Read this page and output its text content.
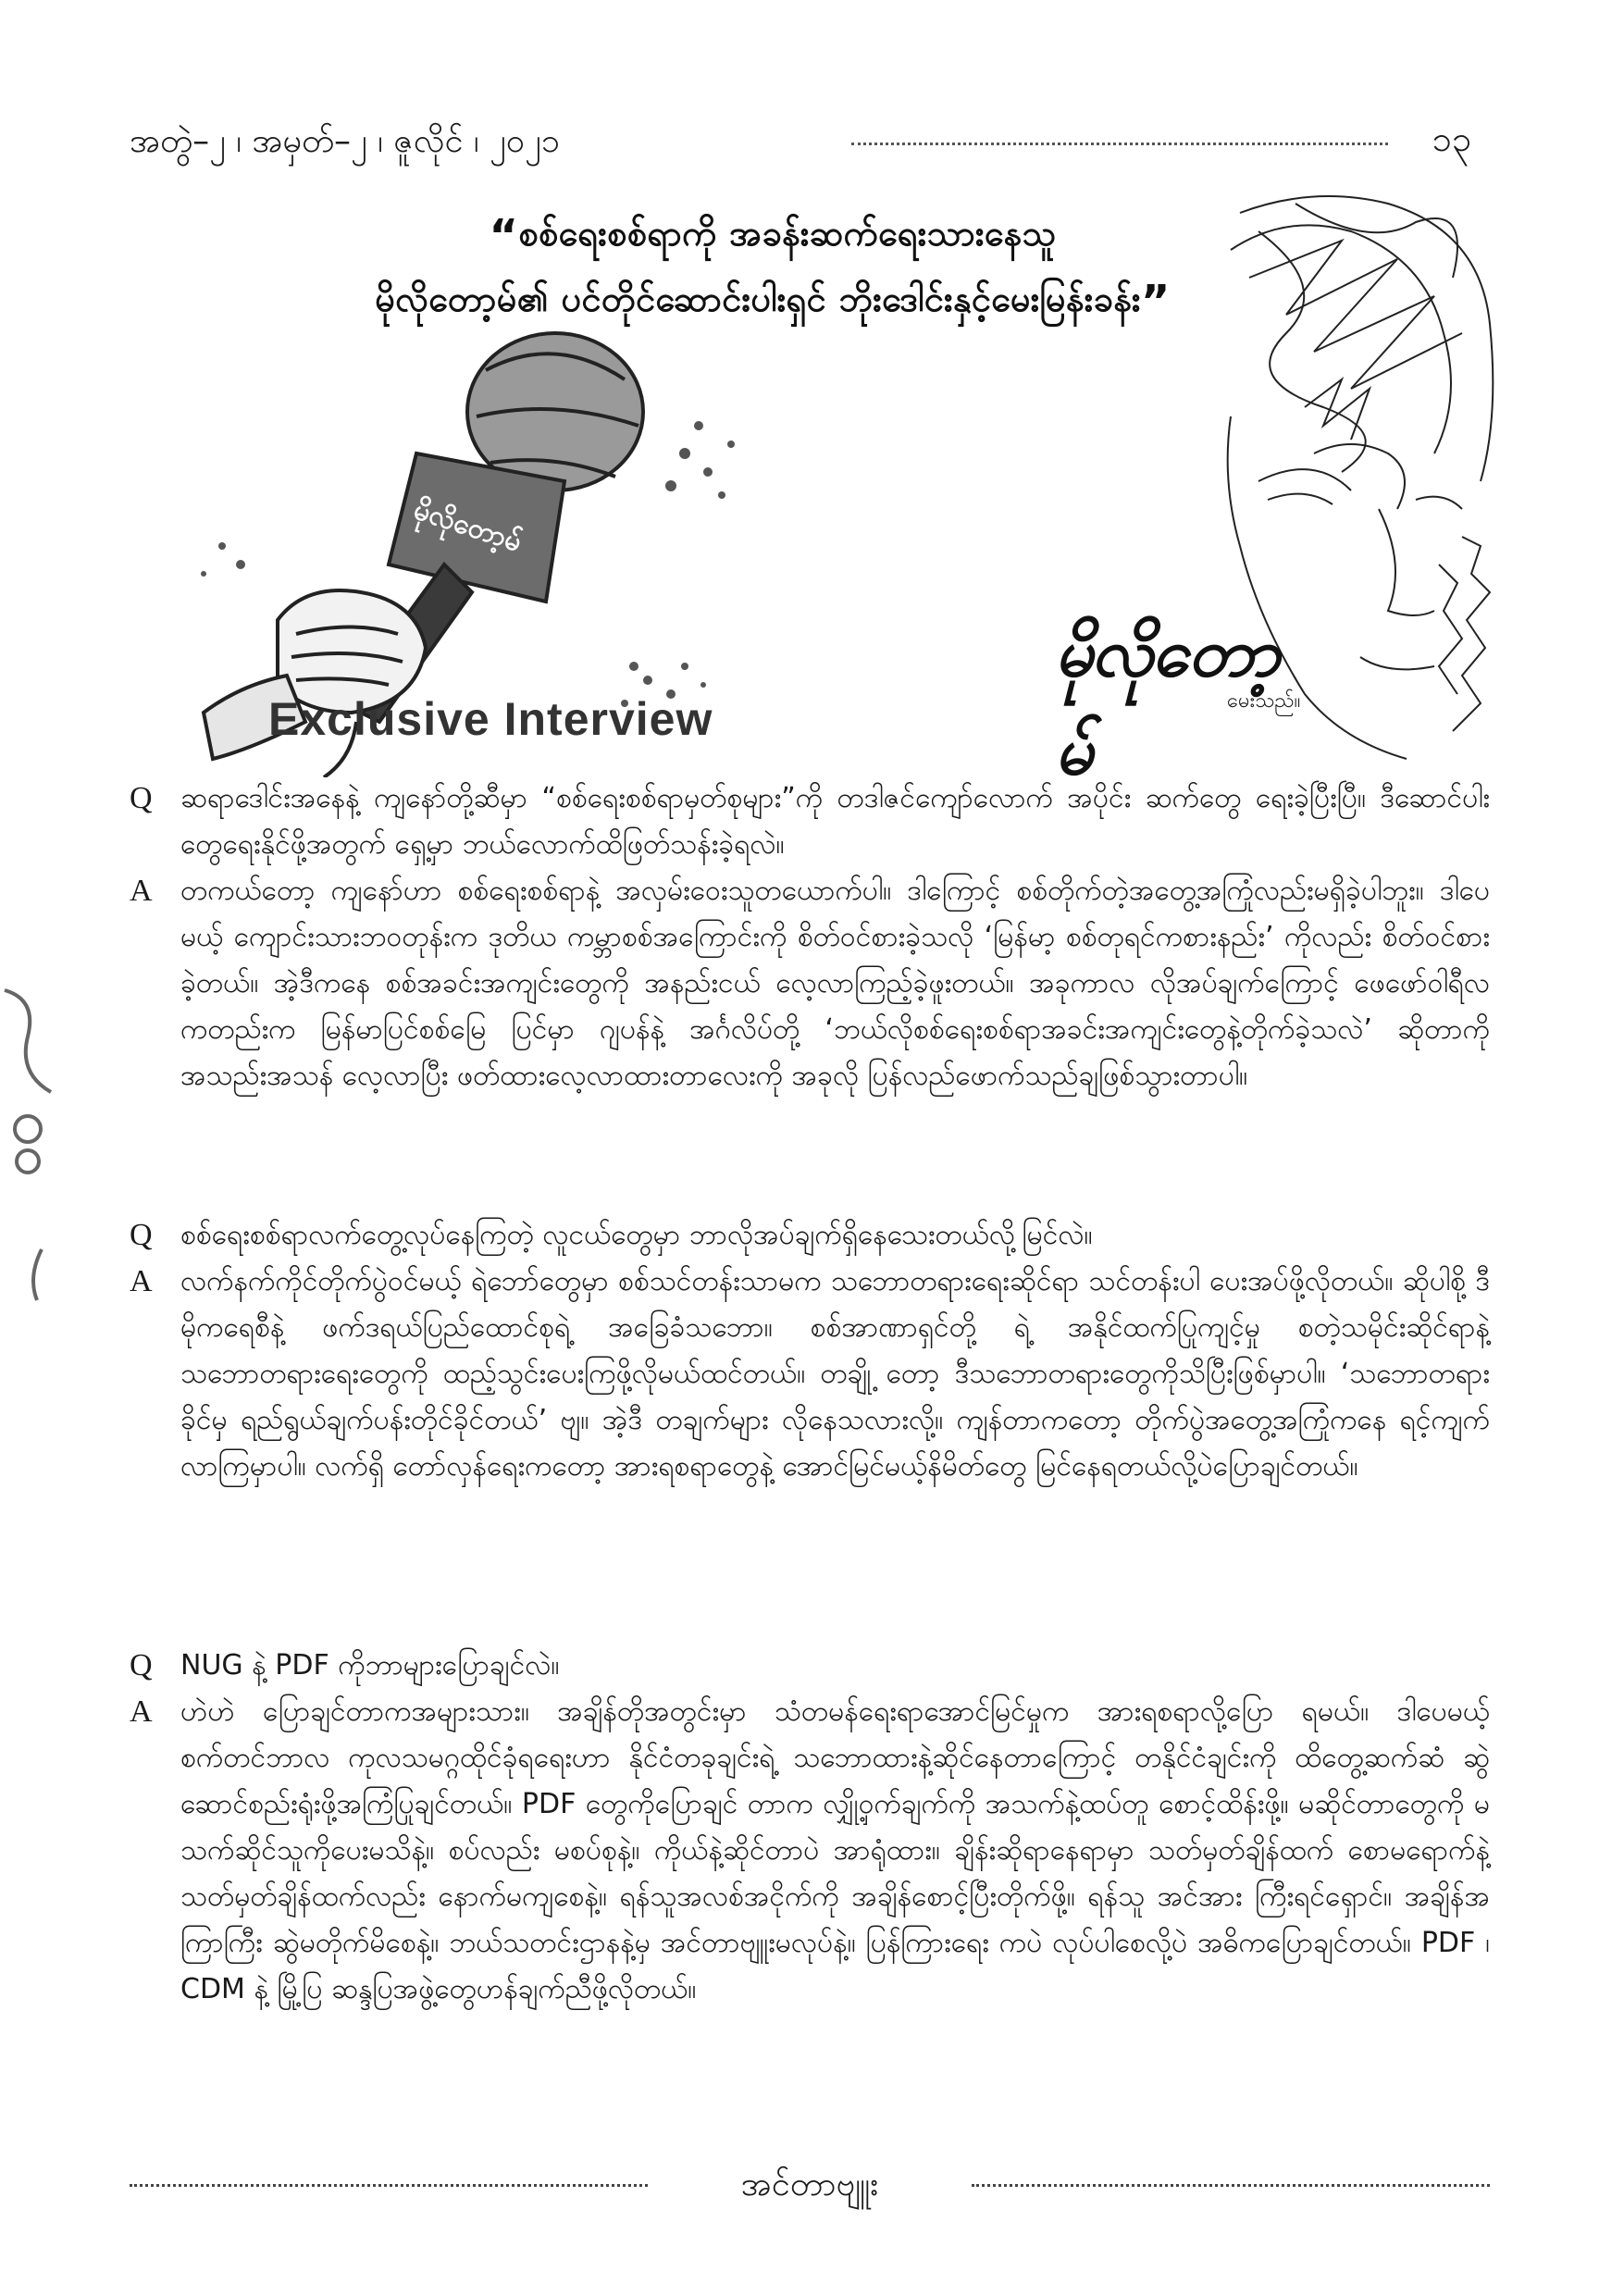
အတွဲ–၂ ၊ အမှတ်–၂ ၊ ဇူလိုင် ၊ ၂၀၂၁	၁၃
“စစ်ရေးစစ်ရာကို အခန်းဆက်ရေးသားနေသူ
မိုလိုတော့မ်၏ ပင်တိုင်ဆောင်းပါးရှင် ဘိုးဒေါင်းနှင့်မေးမြန်းခန်း”
မိုလိုတော့မ်
မိုလိုတော့မ်
မေးသည်။
Exclusive Interview
Q ဆရာဒေါင်းအနေနဲ့ ကျနော်တို့ဆီမှာ “စစ်ရေးစစ်ရာမှတ်စုများ”ကို တဒါဇင်ကျော်လောက် အပိုင်း ဆက်တွေ ရေးခဲ့ပြီးပြီ။ ဒီဆောင်ပါးတွေရေးနိုင်ဖို့အတွက် ရှေ့မှာ ဘယ်လောက်ထိဖြတ်သန်းခဲ့ရလဲ။

A တကယ်တော့ ကျနော်ဟာ စစ်ရေးစစ်ရာနဲ့ အလှမ်းဝေးသူတယောက်ပါ။ ဒါကြောင့် စစ်တိုက်တဲ့အတွေ့အကြုံလည်းမရှိခဲ့ပါဘူး။ ဒါပေမယ့် ကျောင်းသားဘဝတုန်းက ဒုတိယ ကမ္ဘာစစ်အကြောင်းကို စိတ်ဝင်စားခဲ့သလို ‘မြန်မာ့ စစ်တုရင်ကစားနည်း’ ကိုလည်း စိတ်ဝင်စားခဲ့တယ်။ အဲ့ဒီကနေ စစ်အခင်းအကျင်းတွေကို အနည်းငယ် လေ့လာကြည့်ခဲ့ဖူးတယ်။ အခုကာလ လိုအပ်ချက်ကြောင့် ဖေဖော်ဝါရီလကတည်းက မြန်မာပြင်စစ်မြေ ပြင်မှာ ဂျပန်နဲ့ အင်္ဂလိပ်တို့ ‘ဘယ်လိုစစ်ရေးစစ်ရာအခင်းအကျင်းတွေနဲ့တိုက်ခဲ့သလဲ’ ဆိုတာကို အသည်းအသန် လေ့လာပြီး ဖတ်ထားလေ့လာထားတာလေးကို အခုလို ပြန်လည်ဖောက်သည်ချဖြစ်သွားတာပါ။

Q စစ်ရေးစစ်ရာလက်တွေ့လုပ်နေကြတဲ့ လူငယ်တွေမှာ ဘာလိုအပ်ချက်ရှိနေသေးတယ်လို့မြင်လဲ။

A လက်နက်ကိုင်တိုက်ပွဲဝင်မယ့် ရဲဘော်တွေမှာ စစ်သင်တန်းသာမက သဘောတရားရေးဆိုင်ရာ သင်တန်းပါ ပေးအပ်ဖို့လိုတယ်။ ဆိုပါစို့ ဒီမိုကရေစီနဲ့ ဖက်ဒရယ်ပြည်ထောင်စုရဲ့ အခြေခံသဘော။ စစ်အာဏာရှင်တို့ ရဲ့ အနိုင်ထက်ပြုကျင့်မှု စတဲ့သမိုင်းဆိုင်ရာနဲ့ သဘောတရားရေးတွေကို ထည့်သွင်းပေးကြဖို့လိုမယ်ထင်တယ်။ တချို့ တော့ ဒီသဘောတရားတွေကိုသိပြီးဖြစ်မှာပါ။ ‘သဘောတရားခိုင်မှ ရည်ရွယ်ချက်ပန်းတိုင်ခိုင်တယ်’ ဗျ။ အဲ့ဒီ တချက်များ လိုနေသလားလို့။ ကျန်တာကတော့ တိုက်ပွဲအတွေ့အကြုံကနေ ရင့်ကျက်လာကြမှာပါ။ လက်ရှိ တော်လှန်ရေးကတော့ အားရစရာတွေနဲ့ အောင်မြင်မယ့်နိမိတ်တွေ မြင်နေရတယ်လို့ပဲပြောချင်တယ်။

Q NUG နဲ့ PDF ကိုဘာများပြောချင်လဲ။

A ဟဲဟဲ ပြောချင်တာကအများသား။ အချိန်တိုအတွင်းမှာ သံတမန်ရေးရာအောင်မြင်မှုက အားရစရာလို့ပြော ရမယ်။ ဒါပေမယ့် စက်တင်ဘာလ ကုလသမဂ္ဂထိုင်ခုံရရေးဟာ နိုင်ငံတခုချင်းရဲ့ သဘောထားနဲ့ဆိုင်နေတာကြောင့် တနိုင်ငံချင်းကို ထိတွေ့ဆက်ဆံ ဆွဲဆောင်စည်းရုံးဖို့အကြံပြုချင်တယ်။ PDF တွေကိုပြောချင် တာက လျှို့ဝှက်ချက်ကို အသက်နဲ့ထပ်တူ စောင့်ထိန်းဖို့။ မဆိုင်တာတွေကို မသက်ဆိုင်သူကိုပေးမသိနဲ့။ စပ်လည်း မစပ်စုနဲ့။ ကိုယ်နဲ့ဆိုင်တာပဲ အာရုံထား။ ချိန်းဆိုရာနေရာမှာ သတ်မှတ်ချိန်ထက် စောမရောက်နဲ့ သတ်မှတ်ချိန်ထက်လည်း နောက်မကျစေနဲ့။ ရန်သူအလစ်အငိုက်ကို အချိန်စောင့်ပြီးတိုက်ဖို့။ ရန်သူ အင်အား ကြီးရင်ရှောင်။ အချိန်အကြာကြီး ဆွဲမတိုက်မိစေနဲ့။ ဘယ်သတင်းဌာနနဲ့မှ အင်တာဗျူးမလုပ်နဲ့။ ပြန်ကြားရေး ကပဲ လုပ်ပါစေလို့ပဲ အဓိကပြောချင်တယ်။ PDF ၊CDM နဲ့ မြို့ပြ ဆန္ဒပြအဖွဲ့တွေဟန်ချက်ညီဖို့လိုတယ်။

အင်တာဗျူး
